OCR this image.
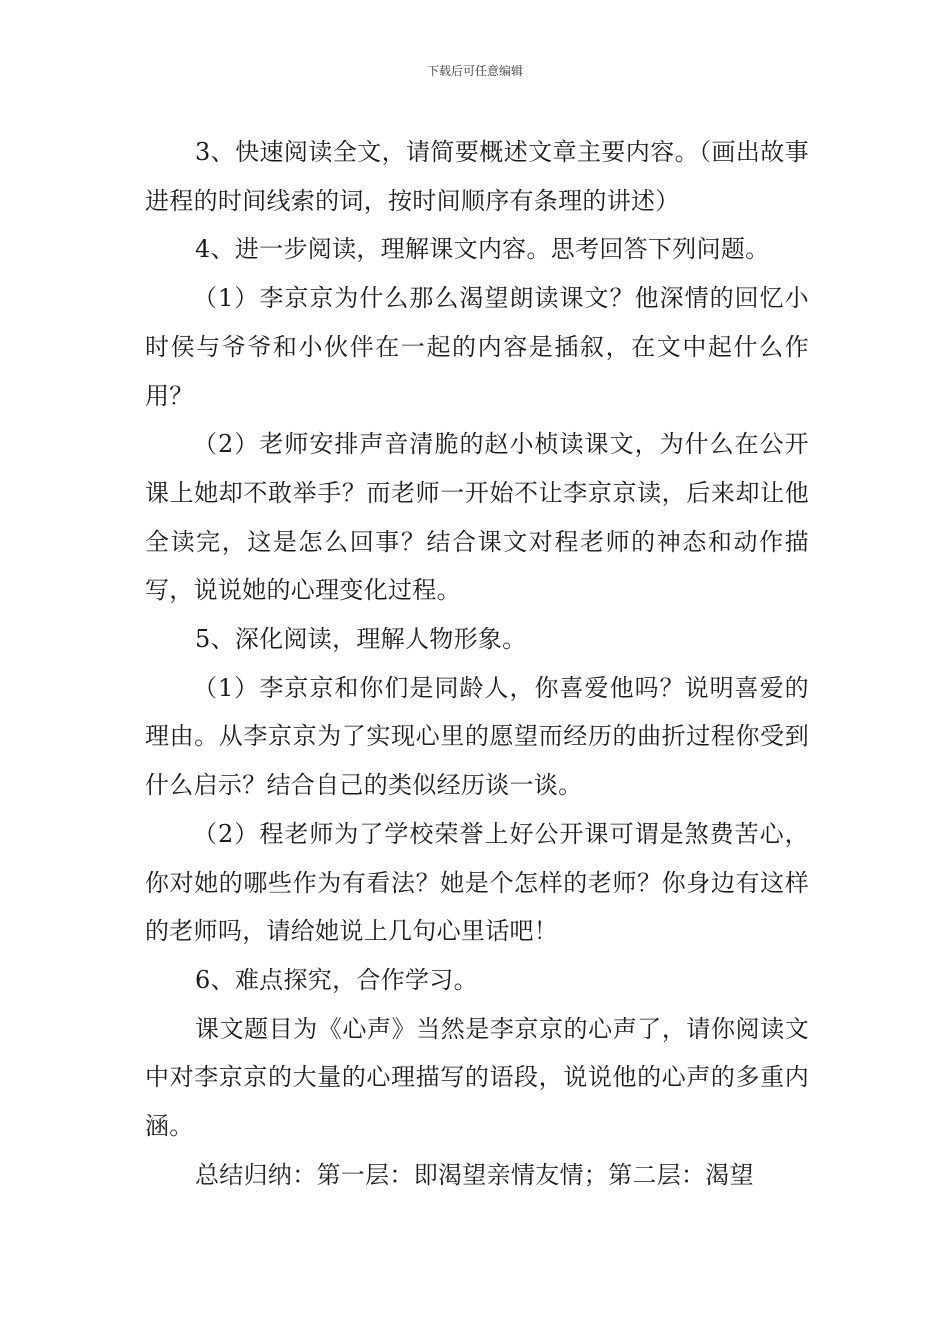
下载后可任意编辑

3、快速阅读全文，请简要概述文章主要内容。（画出故事进程的时间线索的词，按时间顺序有条理的讲述）

4、进一步阅读，理解课文内容。思考回答下列问题。

（1）李京京为什么那么渴望朗读课文？他深情的回忆小时侯与爷爷和小伙伴在一起的内容是插叙，在文中起什么作用？

（2）老师安排声音清脆的赵小桢读课文，为什么在公开课上她却不敢举手？而老师一开始不让李京京读，后来却让他全读完，这是怎么回事？结合课文对程老师的神态和动作描写，说说她的心理变化过程。

5、深化阅读，理解人物形象。

（1）李京京和你们是同龄人，你喜爱他吗？说明喜爱的理由。从李京京为了实现心里的愿望而经历的曲折过程你受到什么启示？结合自己的类似经历谈一谈。

（2）程老师为了学校荣誉上好公开课可谓是煞费苦心，你对她的哪些作为有看法？她是个怎样的老师？你身边有这样的老师吗，请给她说上几句心里话吧！

6、难点探究，合作学习。

课文题目为《心声》当然是李京京的心声了，请你阅读文中对李京京的大量的心理描写的语段，说说他的心声的多重内涵。

总结归纳：第一层：即渴望亲情友情；第二层：渴望
